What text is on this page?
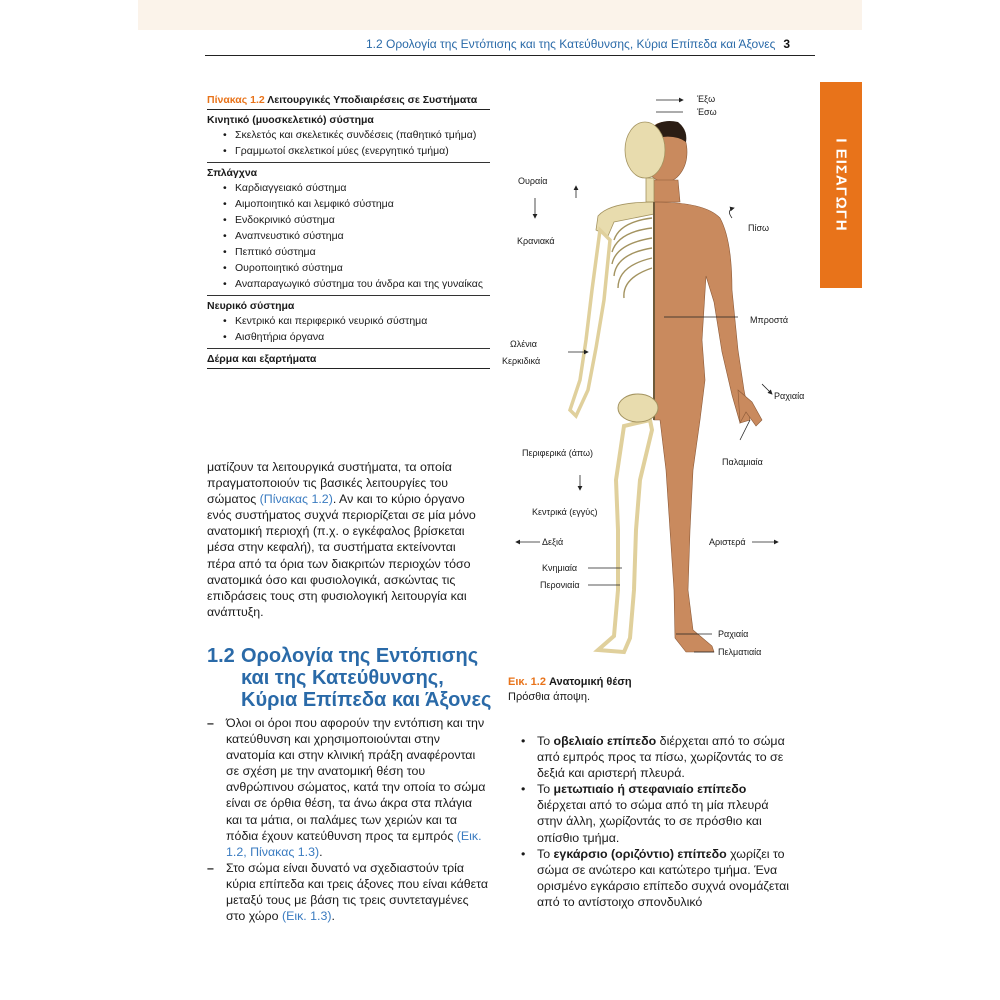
1.2 Ορολογία της Εντόπισης και της Κατεύθυνσης, Κύρια Επίπεδα και Άξονες 3
I ΕΙΣΑΓΩΓΗ
Πίνακας 1.2 Λειτουργικές Υποδιαιρέσεις σε Συστήματα
Κινητικό (μυοσκελετικό) σύστημα
• Σκελετός και σκελετικές συνδέσεις (παθητικό τμήμα)
• Γραμμωτοί σκελετικοί μύες (ενεργητικό τμήμα)
Σπλάγχνα
• Καρδιαγγειακό σύστημα
• Αιμοποιητικό και λεμφικό σύστημα
• Ενδοκρινικό σύστημα
• Αναπνευστικό σύστημα
• Πεπτικό σύστημα
• Ουροποιητικό σύστημα
• Αναπαραγωγικό σύστημα του άνδρα και της γυναίκας
Νευρικό σύστημα
• Κεντρικό και περιφερικό νευρικό σύστημα
• Αισθητήρια όργανα
Δέρμα και εξαρτήματα
ματίζουν τα λειτουργικά συστήματα, τα οποία πραγματοποιούν τις βασικές λειτουργίες του σώματος (Πίνακας 1.2). Αν και το κύριο όργανο ενός συστήματος συχνά περιορίζεται σε μία μόνο ανατομική περιοχή (π.χ. ο εγκέφαλος βρίσκεται μέσα στην κεφαλή), τα συστήματα εκτείνονται πέρα από τα όρια των διακριτών περιοχών τόσο ανατομικά όσο και φυσιολογικά, ασκώντας τις επιδράσεις τους στη φυσιολογική λειτουργία και ανάπτυξη.
1.2 Ορολογία της Εντόπισης
και της Κατεύθυνσης,
Κύρια Επίπεδα και Άξονες
– Όλοι οι όροι που αφορούν την εντόπιση και την κατεύθυνση και χρησιμοποιούνται στην ανατομία και στην κλινική πράξη αναφέρονται σε σχέση με την ανατομική θέση του ανθρώπινου σώματος, κατά την οποία το σώμα είναι σε όρθια θέση, τα άνω άκρα στα πλάγια και τα μάτια, οι παλάμες των χεριών και τα πόδια έχουν κατεύθυνση προς τα εμπρός (Εικ. 1.2, Πίνακας 1.3).
– Στο σώμα είναι δυνατό να σχεδιαστούν τρία κύρια επίπεδα και τρεις άξονες που είναι κάθετα μεταξύ τους με βάση τις τρεις συντεταγμένες στο χώρο (Εικ. 1.3).
• Το οβελιαίο επίπεδο διέρχεται από το σώμα από εμπρός προς τα πίσω, χωρίζοντάς το σε δεξιά και αριστερή πλευρά.
• Το μετωπιαίο ή στεφανιαίο επίπεδο διέρχεται από το σώμα από τη μία πλευρά στην άλλη, χωρίζοντάς το σε πρόσθιο και οπίσθιο τμήμα.
• Το εγκάρσιο (οριζόντιο) επίπεδο χωρίζει το σώμα σε ανώτερο και κατώτερο τμήμα. Ένα ορισμένο εγκάρσιο επίπεδο συχνά ονομάζεται από το αντίστοιχο σπονδυλικό
Έξω
Έσω
Ουραία
Κρανιακά
Πίσω
Μπροστά
Ωλένια
Κερκιδικά
Ραχιαία
Παλαμιαία
Περιφερικά (άπω)
Κεντρικά (εγγύς)
Δεξιά	Αριστερά
Κνημιαία
Περονιαία
Ραχιαία
Πελματιαία
Εικ. 1.2 Ανατομική θέση
Πρόσθια άποψη.
